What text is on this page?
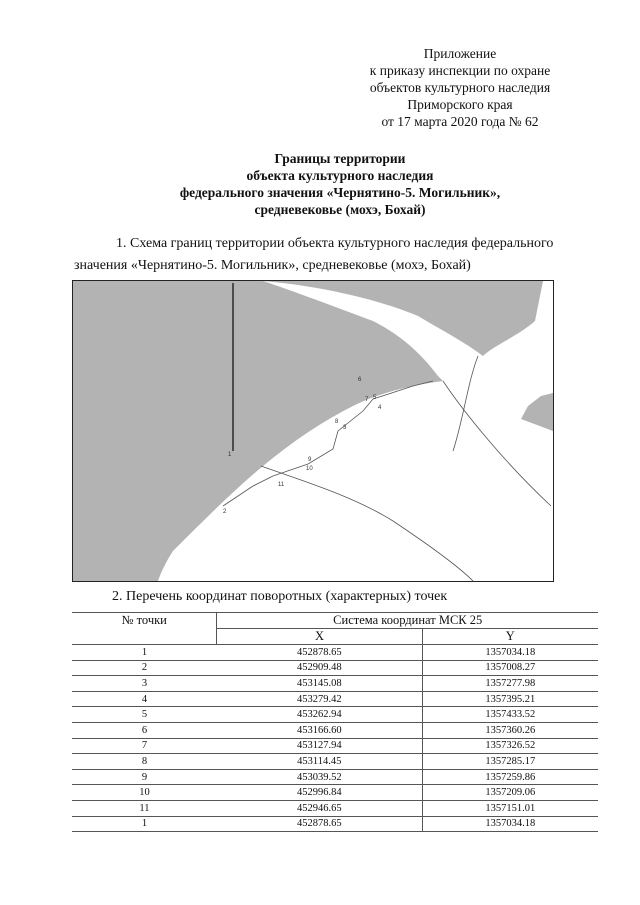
Приложение
к приказу инспекции по охране
объектов культурного наследия
Приморского края
от 17 марта 2020 года № 62
Границы территории
объекта культурного наследия
федерального значения «Чернятино-5. Могильник»,
средневековье (мохэ, Бохай)
1. Схема границ территории объекта культурного наследия федерального значения «Чернятино-5. Могильник», средневековье (мохэ, Бохай)
1
2
3
4
5
6
7
8
9
10
11
2. Перечень координат поворотных (характерных) точек
№ точки	Система координат МСК 25	
	X	Y
1	452878.65	1357034.18
2	452909.48	1357008.27
3	453145.08	1357277.98
4	453279.42	1357395.21
5	453262.94	1357433.52
6	453166.60	1357360.26
7	453127.94	1357326.52
8	453114.45	1357285.17
9	453039.52	1357259.86
10	452996.84	1357209.06
11	452946.65	1357151.01
1	452878.65	1357034.18
